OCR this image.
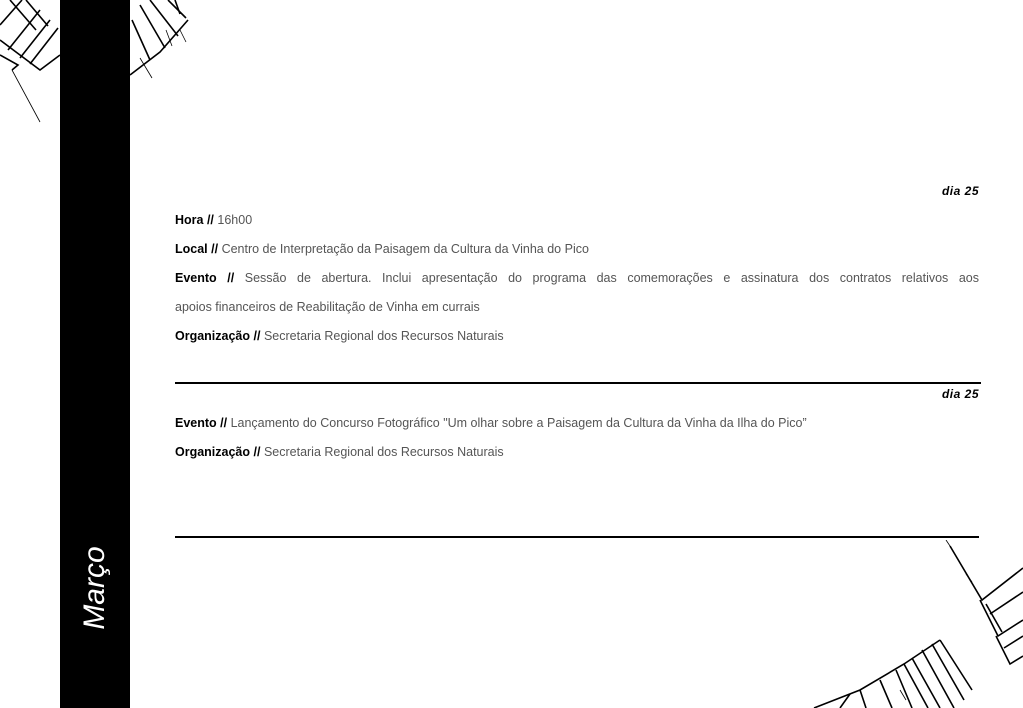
Março
dia 25
Hora // 16h00
Local // Centro de Interpretação da Paisagem da Cultura da Vinha do Pico
Evento // Sessão de abertura. Inclui apresentação do programa das comemorações e assinatura dos contratos relativos aos
apoios financeiros de Reabilitação de Vinha em currais
Organização // Secretaria Regional dos Recursos Naturais
dia 25
Evento // Lançamento do Concurso Fotográfico "Um olhar sobre a Paisagem da Cultura da Vinha da Ilha do Pico”
Organização // Secretaria Regional dos Recursos Naturais
